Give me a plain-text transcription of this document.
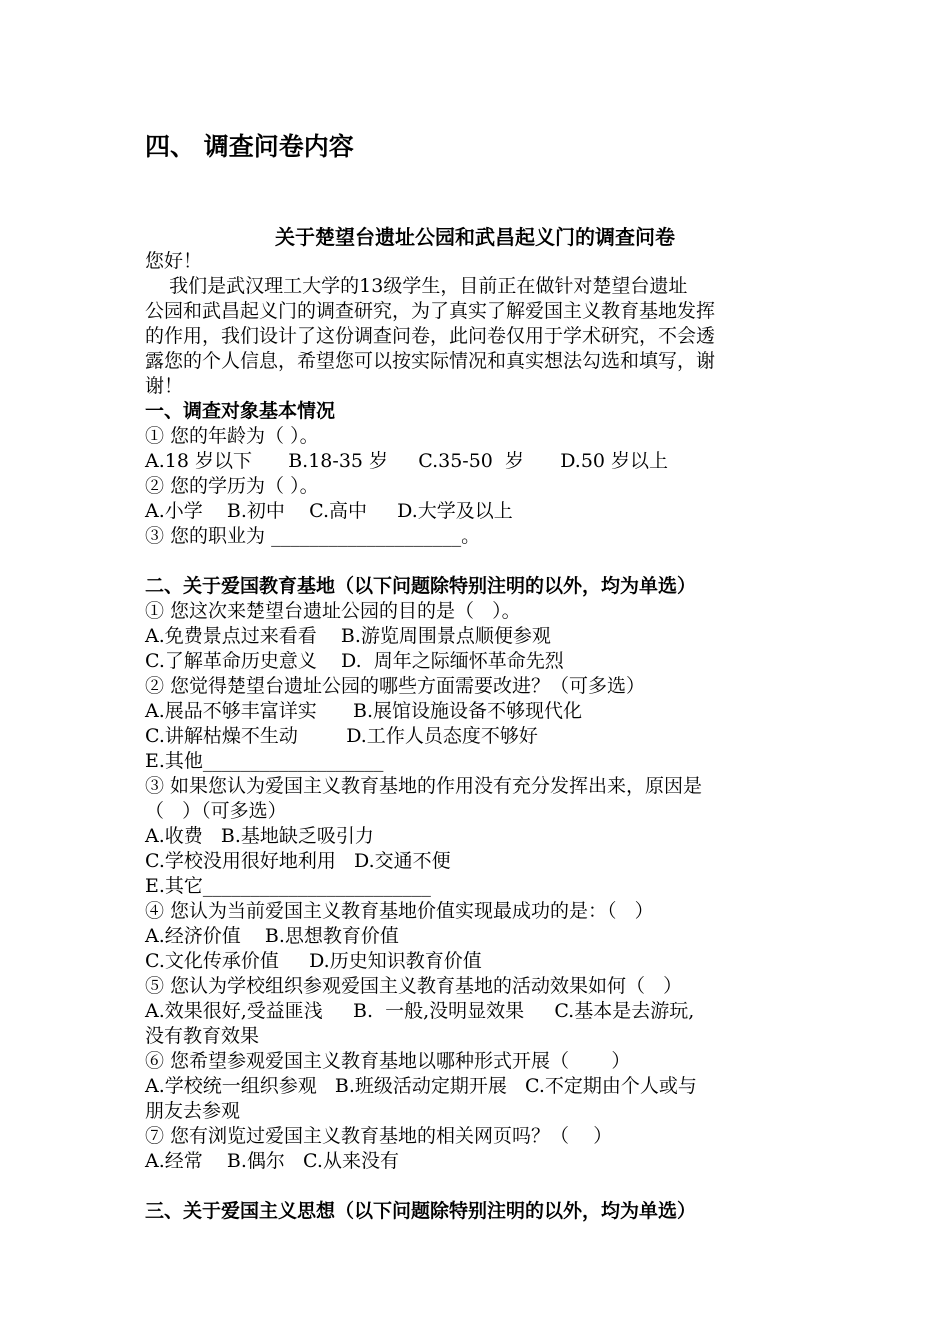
四、 调查问卷内容
关于楚望台遗址公园和武昌起义门的调查问卷
您好！
我们是武汉理工大学的13级学生，目前正在做针对楚望台遗址
公园和武昌起义门的调查研究，为了真实了解爱国主义教育基地发挥
的作用，我们设计了这份调查问卷，此问卷仅用于学术研究，不会透
露您的个人信息，希望您可以按实际情况和真实想法勾选和填写，谢
谢！
一、调查对象基本情况
① 您的年龄为（ ）。
A.18 岁以下      B.18-35 岁     C.35-50  岁      D.50 岁以上
② 您的学历为（ ）。
A.小学    B.初中    C.高中     D.大学及以上
③ 您的职业为 ____________________。
二、关于爱国教育基地（以下问题除特别注明的以外，均为单选）
① 您这次来楚望台遗址公园的目的是（   ）。
A.免费景点过来看看    B.游览周围景点顺便参观
C.了解革命历史意义    D.  周年之际缅怀革命先烈
② 您觉得楚望台遗址公园的哪些方面需要改进？（可多选）
A.展品不够丰富详实      B.展馆设施设备不够现代化
C.讲解枯燥不生动        D.工作人员态度不够好
E.其他___________________
③ 如果您认为爱国主义教育基地的作用没有充分发挥出来，原因是
（   ）（可多选）
A.收费   B.基地缺乏吸引力
C.学校没用很好地利用   D.交通不便
E.其它________________________
④ 您认为当前爱国主义教育基地价值实现最成功的是：（   ）
A.经济价值    B.思想教育价值
C.文化传承价值     D.历史知识教育价值
⑤ 您认为学校组织参观爱国主义教育基地的活动效果如何（   ）
A.效果很好,受益匪浅     B.  一般,没明显效果     C.基本是去游玩,
没有教育效果
⑥ 您希望参观爱国主义教育基地以哪种形式开展（       ）
A.学校统一组织参观   B.班级活动定期开展   C.不定期由个人或与
朋友去参观
⑦ 您有浏览过爱国主义教育基地的相关网页吗？（    ）
A.经常    B.偶尔   C.从来没有
三、关于爱国主义思想（以下问题除特别注明的以外，均为单选）
